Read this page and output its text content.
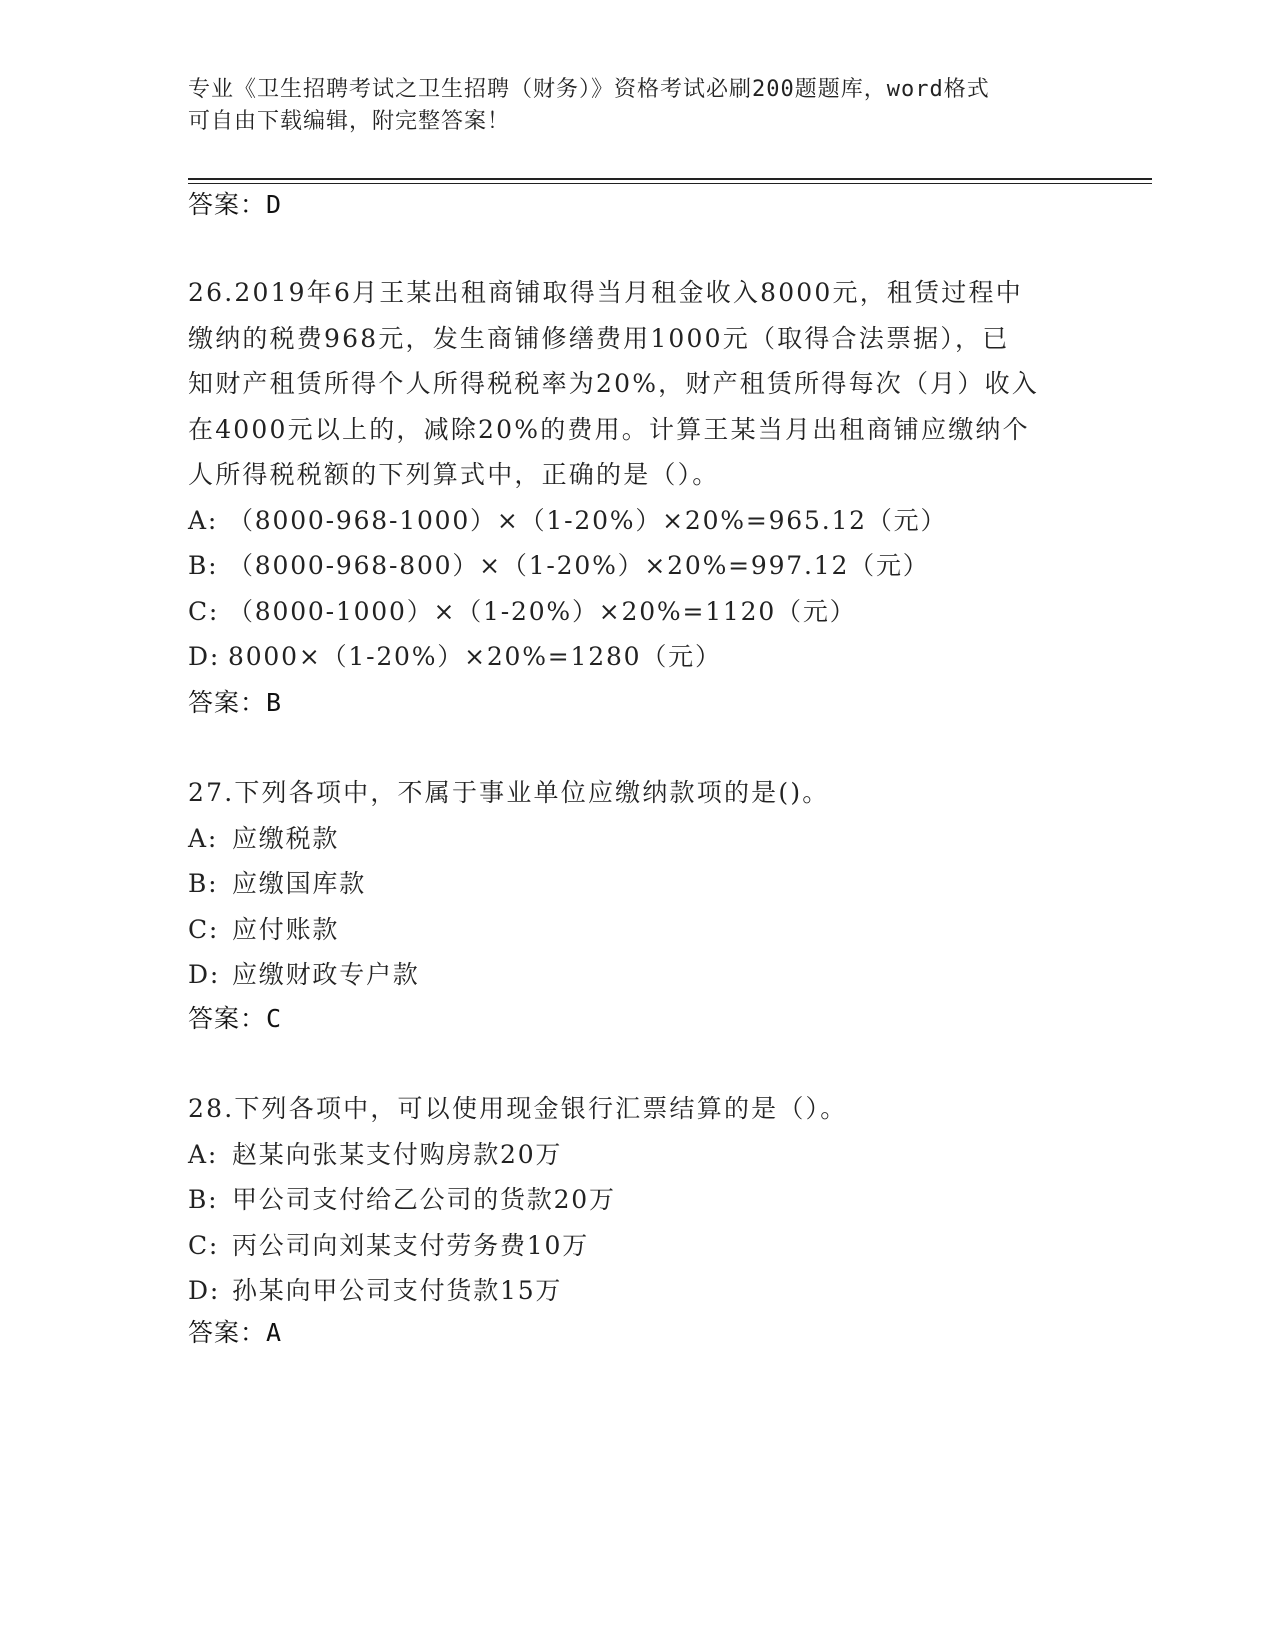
专业《卫生招聘考试之卫生招聘（财务）》资格考试必刷200题题库，word格式
可自由下载编辑，附完整答案！
答案：D

26.2019年6月王某出租商铺取得当月租金收入8000元，租赁过程中

缴纳的税费968元，发生商铺修缮费用1000元（取得合法票据），已

知财产租赁所得个人所得税税率为20%，财产租赁所得每次（月）收入

在4000元以上的，减除20%的费用。计算王某当月出租商铺应缴纳个

人所得税税额的下列算式中，正确的是（）。

A: （8000-968-1000）×（1-20%）×20%=965.12（元）

B: （8000-968-800）×（1-20%）×20%=997.12（元）

C: （8000-1000）×（1-20%）×20%=1120（元）

D: 8000×（1-20%）×20%=1280（元）

答案：B

27.下列各项中，不属于事业单位应缴纳款项的是()。

A: 应缴税款

B: 应缴国库款

C: 应付账款

D: 应缴财政专户款

答案：C

28.下列各项中，可以使用现金银行汇票结算的是（）。

A: 赵某向张某支付购房款20万

B: 甲公司支付给乙公司的货款20万

C: 丙公司向刘某支付劳务费10万

D: 孙某向甲公司支付货款15万

答案：A
